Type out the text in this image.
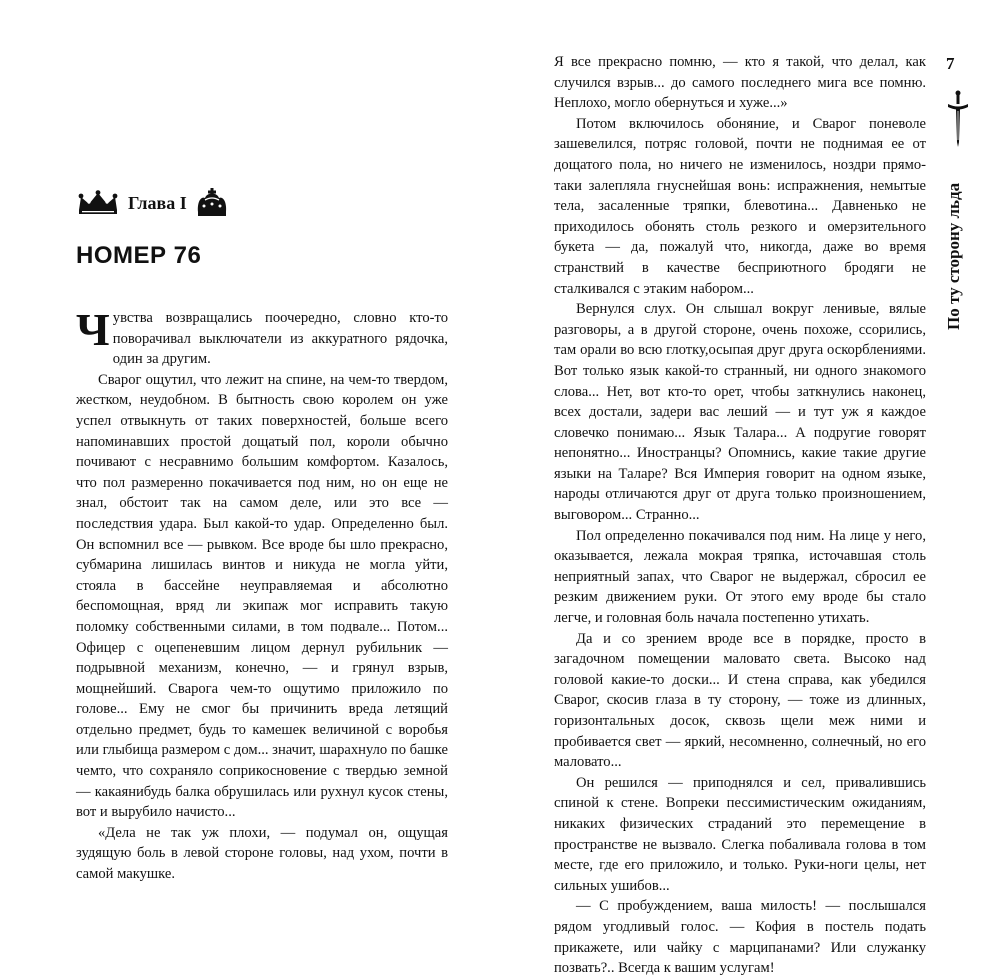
Глава I
НОМЕР 76

Чувства возвращались поочередно, словно кто-то поворачивал выключатели из аккуратного рядочка, один за другим.

Сварог ощутил, что лежит на спине, на чем-то твердом, жестком, неудобном. В бытность свою королем он уже успел отвыкнуть от таких поверхностей, больше всего напоминавших простой дощатый пол, короли обычно почивают с несравнимо большим комфортом. Казалось, что пол размеренно покачивается под ним, но он еще не знал, обстоит так на самом деле, или это все — последствия удара. Был какой-то удар. Определенно был. Он вспомнил все — рывком. Все вроде бы шло прекрасно, субмарина лишилась винтов и никуда не могла уйти, стояла в бассейне неуправляемая и абсолютно беспомощная, вряд ли экипаж мог исправить такую поломку собственными силами, в том подвале... Потом... Офицер с оцепеневшим лицом дернул рубильник — подрывной механизм, конечно, — и грянул взрыв, мощнейший. Сварога чем-то ощутимо приложило по голове... Ему не смог бы причинить вреда летящий отдельно предмет, будь то камешек величиной с воробья или глыбища размером с дом... значит, шарахнуло по башке чемто, что сохраняло соприкосновение с твердью земной — какаянибудь балка обрушилась или рухнул кусок стены, вот и вырубило начисто...

«Дела не так уж плохи, — подумал он, ощущая зудящую боль в левой стороне головы, над ухом, почти в самой макушке.

Я все прекрасно помню, — кто я такой, что делал, как случился взрыв... до самого последнего мига все помню. Неплохо, могло обернуться и хуже...»

Потом включилось обоняние, и Сварог поневоле зашевелился, потряс головой, почти не поднимая ее от дощатого пола, но ничего не изменилось, ноздри прямо-таки залепляла гнуснейшая вонь: испражнения, немытые тела, засаленные тряпки, блевотина... Давненько не приходилось обонять столь резкого и омерзительного букета — да, пожалуй что, никогда, даже во время странствий в качестве бесприютного бродяги не сталкивался с этаким набором...

Вернулся слух. Он слышал вокруг ленивые, вялые разговоры, а в другой стороне, очень похоже, ссорились, там орали во всю глотку,осыпая друг друга оскорблениями. Вот только язык какой-то странный, ни одного знакомого слова... Нет, вот кто-то орет, чтобы заткнулись наконец, всех достали, задери вас леший — и тут уж я каждое словечко понимаю... Язык Талара... А подругие говорят непонятно... Иностранцы? Опомнись, какие такие другие языки на Таларе? Вся Империя говорит на одном языке, народы отличаются друг от друга только произношением, выговором... Странно...

Пол определенно покачивался под ним. На лице у него, оказывается, лежала мокрая тряпка, источавшая столь неприятный запах, что Сварог не выдержал, сбросил ее резким движением руки. От этого ему вроде бы стало легче, и головная боль начала постепенно утихать.

Да и со зрением вроде все в порядке, просто в загадочном помещении маловато света. Высоко над головой какие-то доски... И стена справа, как убедился Сварог, скосив глаза в ту сторону, — тоже из длинных, горизонтальных досок, сквозь щели меж ними и пробивается свет — яркий, несомненно, солнечный, но его маловато...

Он решился — приподнялся и сел, привалившись спиной к стене. Вопреки пессимистическим ожиданиям, никаких физических страданий это перемещение в пространстве не вызвало. Слегка побаливала голова в том месте, где его приложило, и только. Руки-ноги целы, нет сильных ушибов...

— С пробуждением, ваша милость! — послышался рядом угодливый голос. — Кофия в постель подать прикажете, или чайку с марципанами? Или служанку позвать?.. Всегда к вашим услугам!

7
По ту сторону льда
